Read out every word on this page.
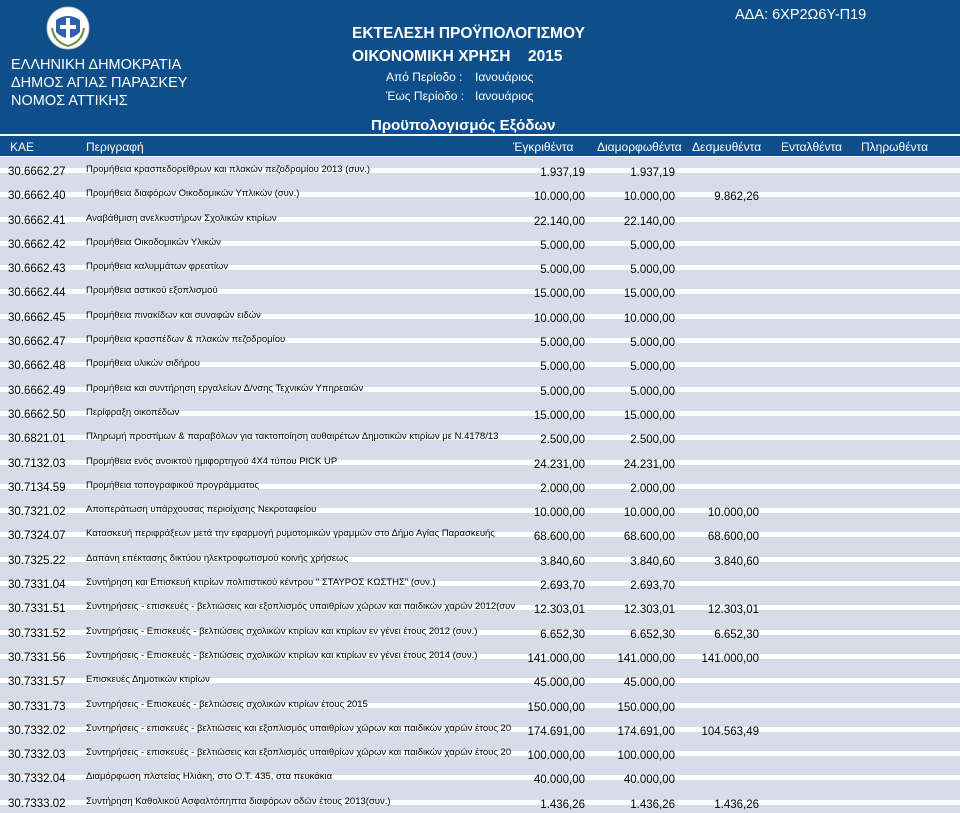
ΕΛΛΗΝΙΚΗ ΔΗΜΟΚΡΑΤΙΑ
ΔΗΜΟΣ ΑΓΙΑΣ ΠΑΡΑΣΚΕΥ
ΝΟΜΟΣ ΑΤΤΙΚΗΣ
ΕΚΤΕΛΕΣΗ ΠΡΟΫΠΟΛΟΓΙΣΜΟΥ
ΟΙΚΟΝΟΜΙΚΗ ΧΡΗΣΗ 2015
Από Περίοδο : Ιανουάριος
Έως Περίοδο : Ιανουάριος
ΑΔΑ: 6ΧΡ2Ω6Υ-Π19
Προϋπολογισμός Εξόδων
ΚΑΕ	Περιγραφή	Έγκριθέντα Διαμορφωθέντα Δεσμευθέντα Ενταλθέντα Πληρωθέντα
30.6662.27 Προμήθεια κρασπεδορείθρων και πλακών πεζοδρομίου 2013 (συν.)	1.937,19	1.937,19
30.6662.40 Προμήθεια διαφόρων Οικοδομικών Υπλικών (συν.)	10.000,00	10.000,00	9.862,26
30.6662.41 Αναβάθμιση ανελκυστήρων Σχολικών κτιρίων	22.140,00	22.140,00
30.6662.42 Προμήθεια Οικοδομικών Υλικών	5.000,00	5.000,00
30.6662.43 Προμήθεια καλυμμάτων φρεατίων	5.000,00	5.000,00
30.6662.44 Προμήθεια αστικού εξοπλισμού	15.000,00	15.000,00
30.6662.45 Προμήθεια πινακίδων και συναφών ειδών	10.000,00	10.000,00
30.6662.47 Προμήθεια κρασπέδων & πλακών πεζοδρομίου	5.000,00	5.000,00
30.6662.48 Προμήθεια υλικών σιδήρου	5.000,00	5.000,00
30.6662.49 Προμήθεια και συντήρηση εργαλείων Δ/νσης Τεχνικών Υπηρεαιών	5.000,00	5.000,00
30.6662.50 Περίφραξη οικοπέδων	15.000,00	15.000,00
30.6821.01 Πληρωμή προστίμων & παραβόλων για τακτοποίηση αυθαιρέτων Δημοτικών κτιρίων με Ν.4178/13	2.500,00	2.500,00
30.7132.03 Προμήθεια ενός ανοικτού ημιφορτηγού 4Χ4 τύπου PICK UP	24.231,00	24.231,00
30.7134.59 Προμήθεια τοπογραφικού προγράμματος	2.000,00	2.000,00
30.7321.02 Αποπεράτωση υπάρχουσας περιοίχισης Νεκροταφείου	10.000,00	10.000,00	10.000,00
30.7324.07 Κατασκευή περιφράξεων μετά την εφαρμογή ρυμοτομικών γραμμών στο Δήμο Αγίας Παρασκευής	68.600,00	68.600,00	68.600,00
30.7325.22 Δαπάνη επέκτασης δικτύου ηλεκτροφωτισμού κοινής χρήσεως	3.840,60	3.840,60	3.840,60
30.7331.04 Συντήρηση και Επισκευή κτιρίων πολιτιστικού κέντρου " ΣΤΑΥΡΟΣ ΚΩΣΤΗΣ" (συν.)	2.693,70	2.693,70
30.7331.51 Συντηρήσεις - επισκευές - βελτιώσεις και εξοπλισμός υπαιθρίων χώρων και παιδικών χαρών 2012(συν	12.303,01	12.303,01	12.303,01
30.7331.52 Συντηρήσεις - Επισκευές - βελτιώσεις σχολικών κτιρίων και κτιρίων εν γένει έτους 2012 (συν.)	6.652,30	6.652,30	6.652,30
30.7331.56 Συντηρήσεις - Επισκευές - βελτιώσεις σχολικών κτιρίων και κτιρίων εν γένει έτους 2014 (συν.)	141.000,00	141.000,00	141.000,00
30.7331.57 Επισκευές Δημοτικών κτιρίων	45.000,00	45.000,00
30.7331.73 Συντηρήσεις - Επισκευές - βελτιώσεις σχολικών κτιρίων έτους 2015	150.000,00	150.000,00
30.7332.02 Συντηρήσεις - επισκευές - βελτιώσεις και εξοπλισμός υπαιθρίων χώρων και παιδικών χαρών έτους 20	174.691,00	174.691,00	104.563,49
30.7332.03 Συντηρήσεις - επισκευές - βελτιώσεις και εξοπλισμός υπαιθρίων χώρων και παιδικών χαρών έτους 20	100.000,00	100.000,00
30.7332.04 Διαμόρφωση πλατείας Ηλιάκη, στο Ο.Τ. 435, στα πευκάκια	40.000,00	40.000,00
30.7333.02 Συντήρηση Καθολικού Ασφαλτόπηπτα διαφόρων οδών έτους 2013(συν.)	1.436,26	1.436,26	1.436,26
